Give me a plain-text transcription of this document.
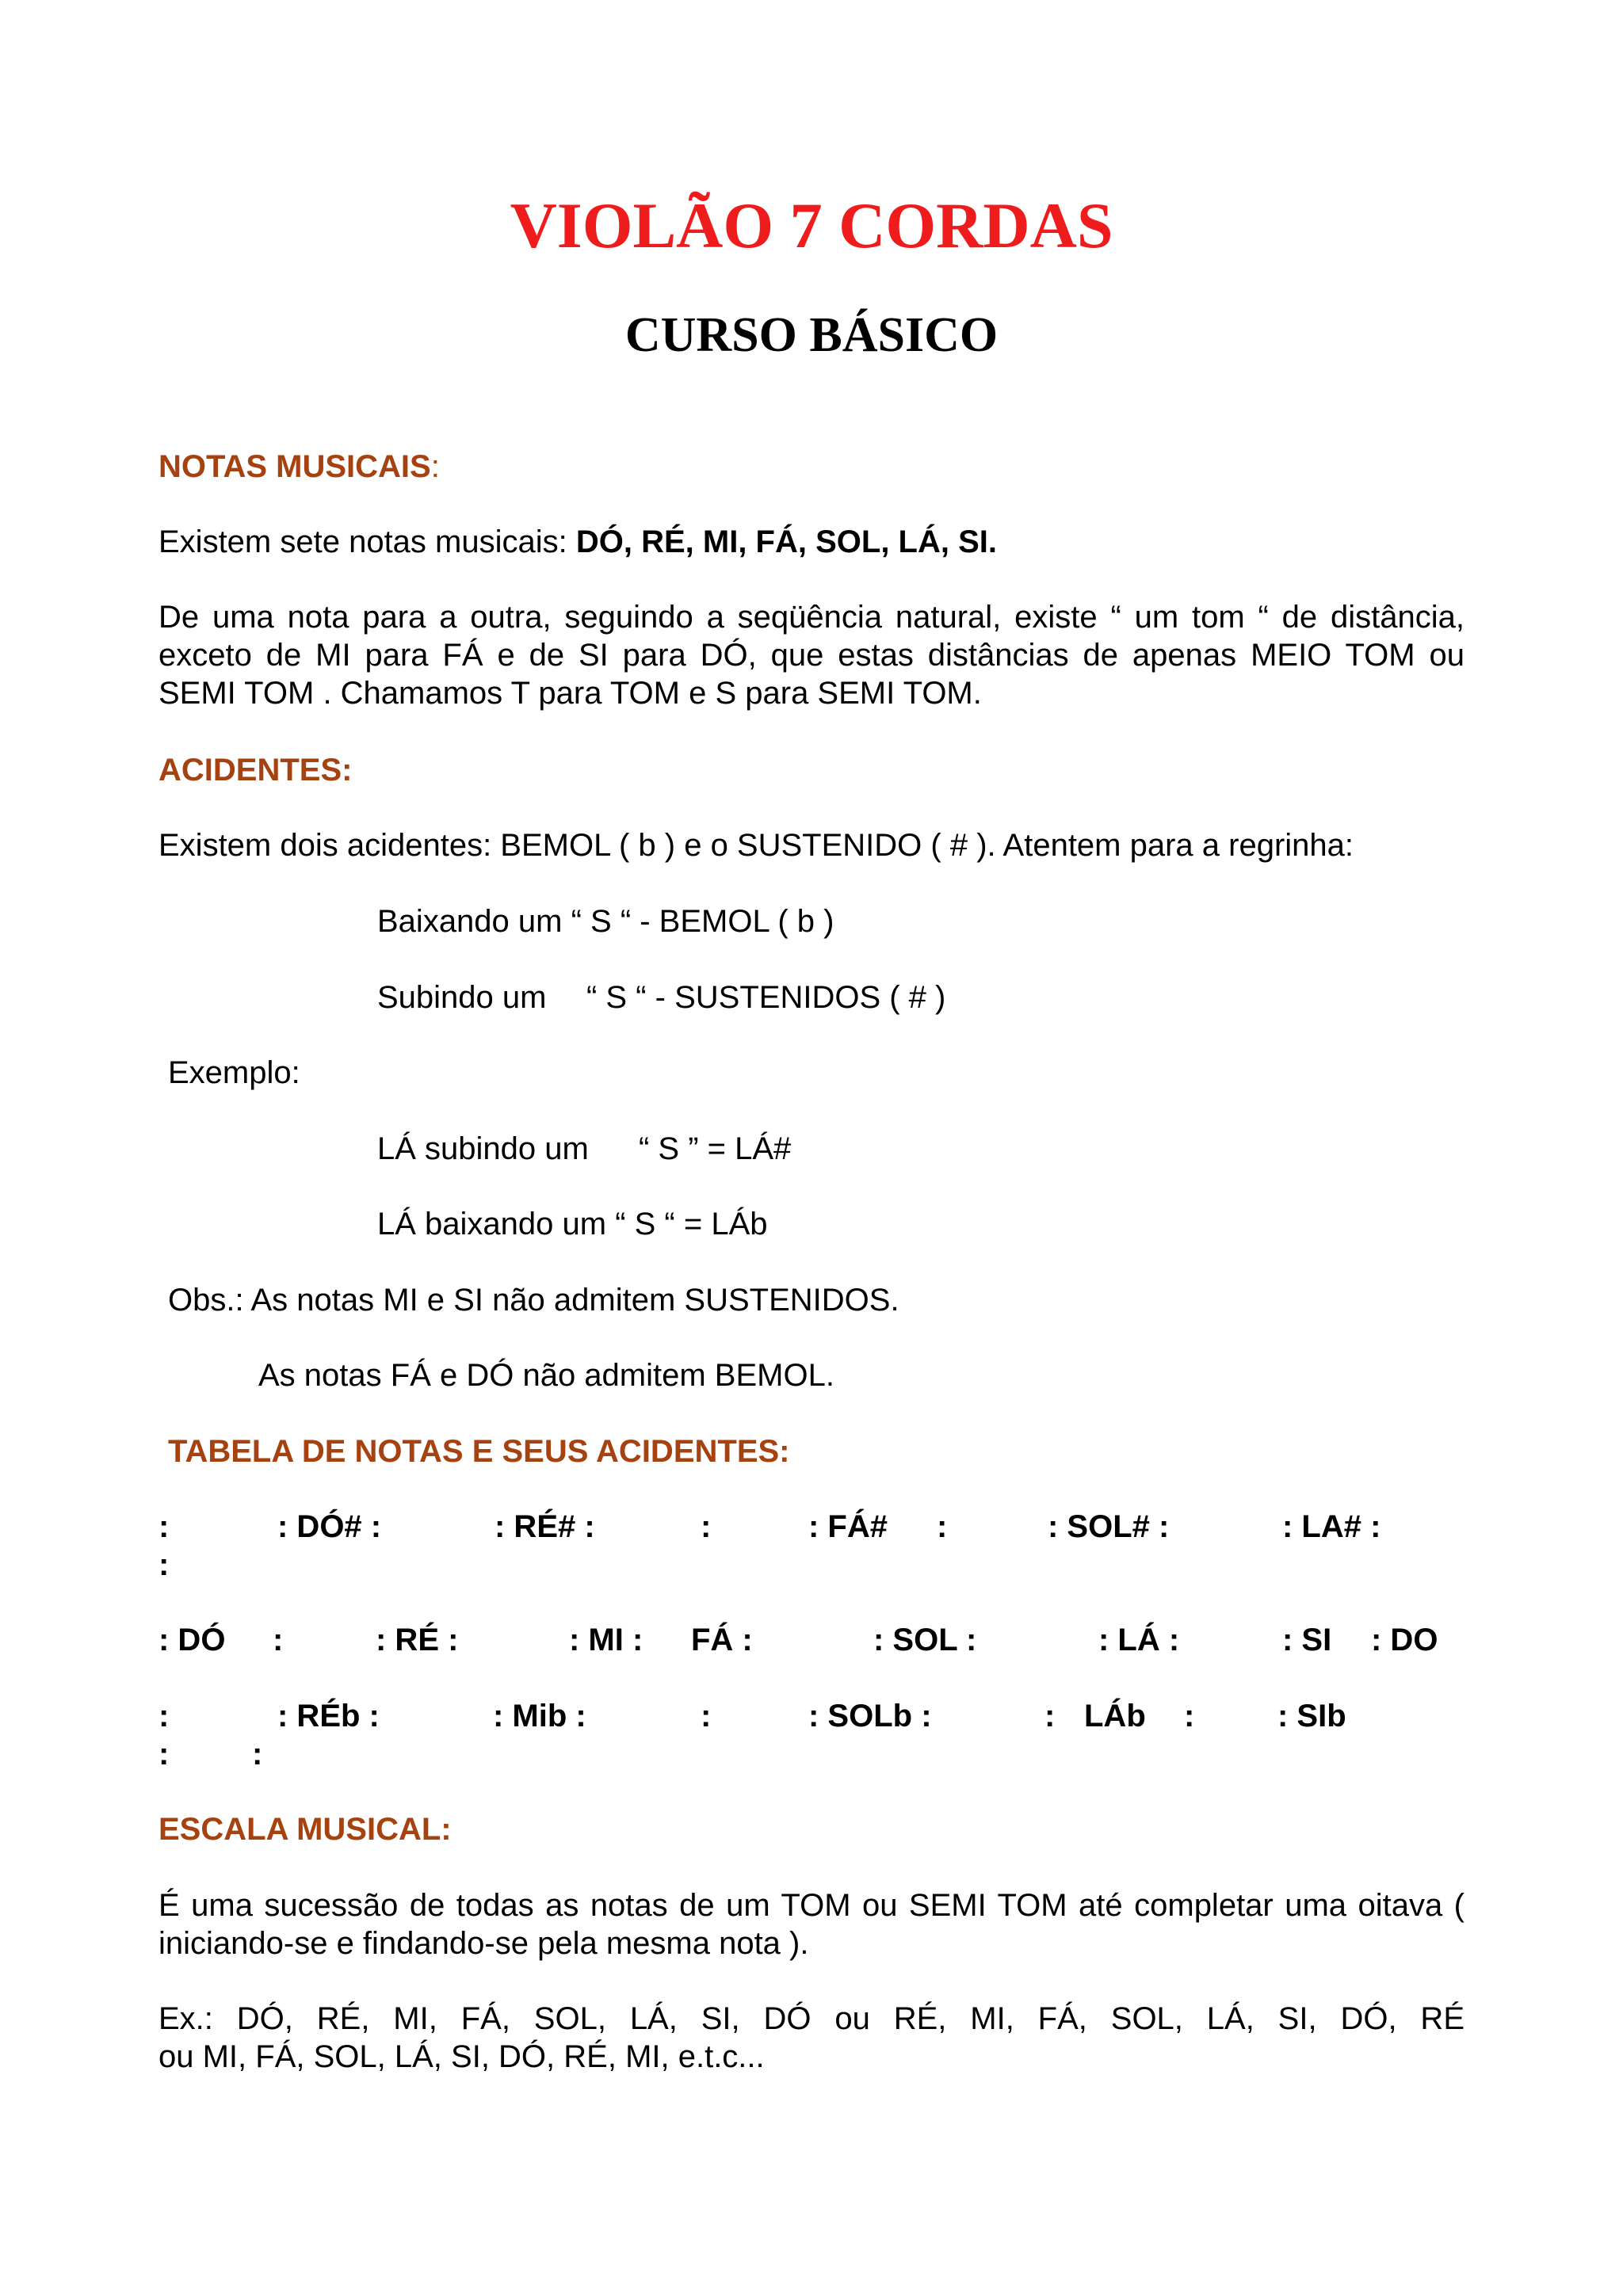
VIOLÃO 7 CORDAS
CURSO BÁSICO
NOTAS MUSICAIS:
Existem sete notas musicais: DÓ, RÉ, MI, FÁ, SOL, LÁ, SI.
De uma nota para a outra, seguindo a seqüência natural, existe “ um tom “ de distância,
exceto de MI para FÁ e de SI para DÓ, que estas distâncias de apenas MEIO TOM ou
SEMI TOM . Chamamos T para TOM e S para SEMI TOM.
ACIDENTES:
Existem dois acidentes: BEMOL ( b ) e o SUSTENIDO ( # ). Atentem para a regrinha:
Baixando um “ S “ - BEMOL ( b )
Subindo um “ S “ - SUSTENIDOS ( # )
Exemplo:
LÁ subindo um “ S ” = LÁ#
LÁ baixando um “ S “ = LÁb
Obs.: As notas MI e SI não admitem SUSTENIDOS.
As notas FÁ e DÓ não admitem BEMOL.
TABELA DE NOTAS E SEUS ACIDENTES:
:	: DÓ# :	: RÉ# :	:	: FÁ# :	: SOL# :	: LA# :
:
: DÓ :	: RÉ :	: MI : FÁ :	: SOL :	: LÁ :	: SI : DO
:	: RÉb :	: Mib :	:	: SOLb :	: LÁb :	: SIb
:	:
ESCALA MUSICAL:
É uma sucessão de todas as notas de um TOM ou SEMI TOM até completar uma oitava (
iniciando-se e findando-se pela mesma nota ).
Ex.: DÓ, RÉ, MI, FÁ, SOL, LÁ, SI, DÓ ou RÉ, MI, FÁ, SOL, LÁ, SI, DÓ, RÉ
ou MI, FÁ, SOL, LÁ, SI, DÓ, RÉ, MI, e.t.c...
